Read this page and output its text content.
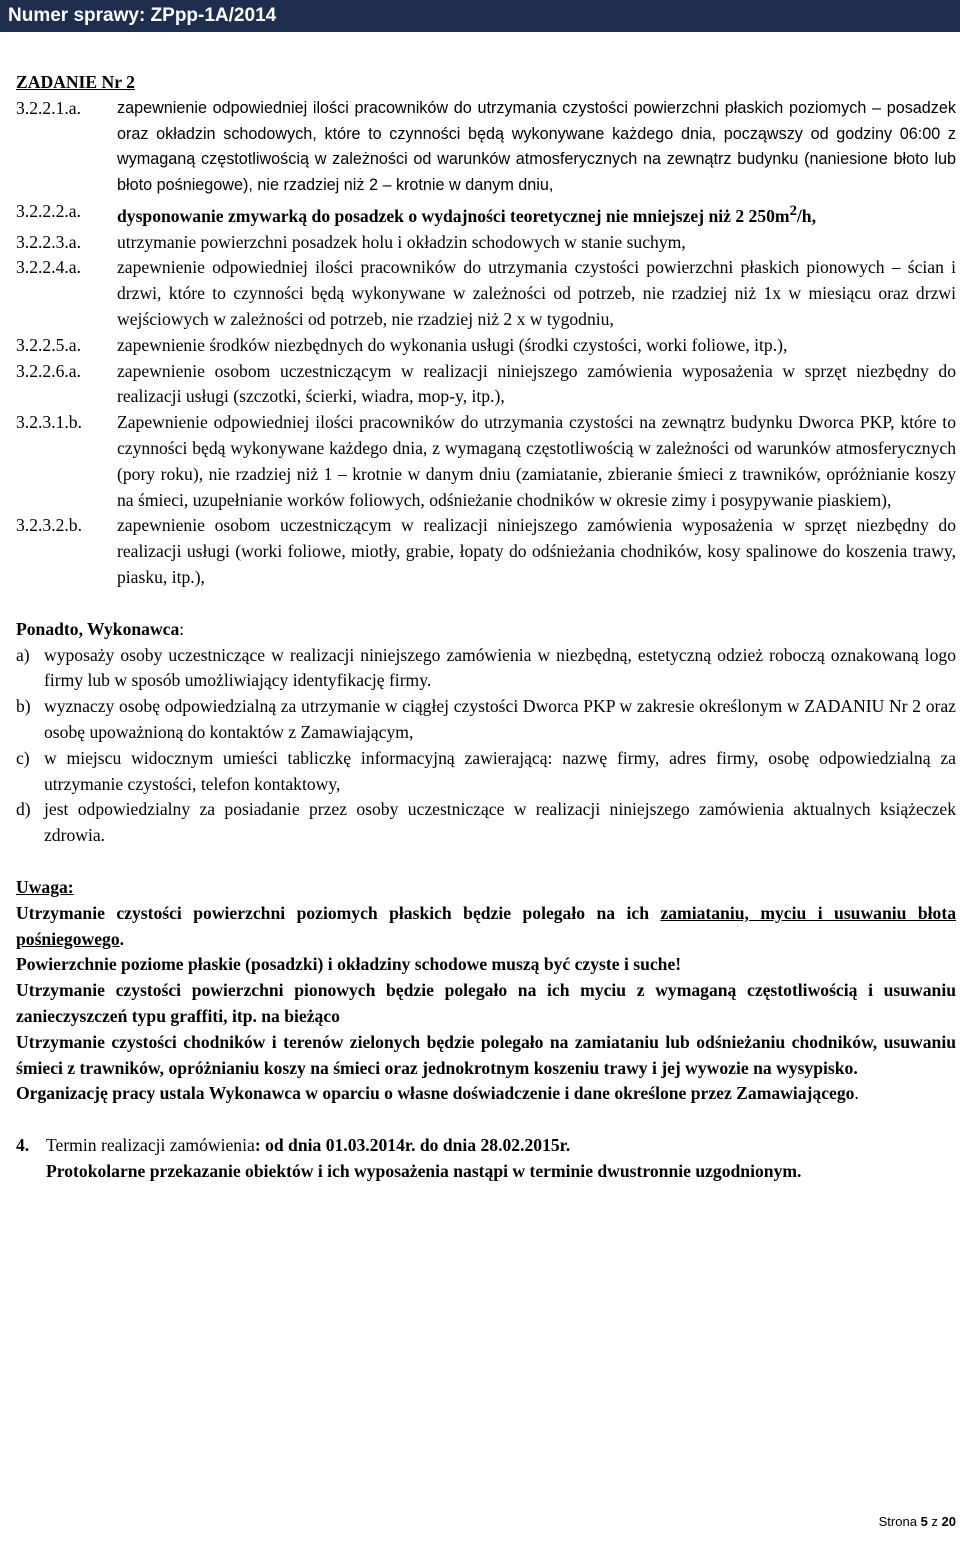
Numer sprawy: ZPpp-1A/2014
ZADANIE Nr 2
3.2.2.1.a.	zapewnienie odpowiedniej ilości pracowników do utrzymania czystości powierzchni płaskich poziomych – posadzek oraz okładzin schodowych, które to czynności będą wykonywane każdego dnia, począwszy od godziny 06:00 z wymaganą częstotliwością w zależności od warunków atmosferycznych na zewnątrz budynku (naniesione błoto lub błoto pośniegowe), nie rzadziej niż 2 – krotnie w danym dniu,
3.2.2.2.a.	dysponowanie zmywarką do posadzek o wydajności teoretycznej nie mniejszej niż 2 $250m^2/h$,
3.2.2.3.a.	utrzymanie powierzchni posadzek holu i okładzin schodowych w stanie suchym,
3.2.2.4.a.	zapewnienie odpowiedniej ilości pracowników do utrzymania czystości powierzchni płaskich pionowych – ścian i drzwi, które to czynności będą wykonywane w zależności od potrzeb, nie rzadziej niż 1x w miesiącu oraz drzwi wejściowych w zależności od potrzeb, nie rzadziej niż 2 x w tygodniu,
3.2.2.5.a.	zapewnienie środków niezbędnych do wykonania usługi (środki czystości, worki foliowe, itp.),
3.2.2.6.a.	zapewnienie osobom uczestniczącym w realizacji niniejszego zamówienia wyposażenia w sprzęt niezbędny do realizacji usługi (szczotki, ścierki, wiadra, mop-y, itp.),
3.2.3.1.b.	Zapewnienie odpowiedniej ilości pracowników do utrzymania czystości na zewnątrz budynku Dworca PKP, które to czynności będą wykonywane każdego dnia, z wymaganą częstotliwością w zależności od warunków atmosferycznych (pory roku), nie rzadziej niż 1 – krotnie w danym dniu (zamiatanie, zbieranie śmieci z trawników, opróżnianie koszy na śmieci, uzupełnianie worków foliowych, odśnieżanie chodników w okresie zimy i posypywanie piaskiem),
3.2.3.2.b.	zapewnienie osobom uczestniczącym w realizacji niniejszego zamówienia wyposażenia w sprzęt niezbędny do realizacji usługi (worki foliowe, miotły, grabie, łopaty do odśnieżania chodników, kosy spalinowe do koszenia trawy, piasku, itp.),
Ponadto, Wykonawca:
a) wyposaży osoby uczestniczące w realizacji niniejszego zamówienia w niezbędną, estetyczną odzież roboczą oznakowaną logo firmy lub w sposób umożliwiający identyfikację firmy.
b) wyznaczy osobę odpowiedzialną za utrzymanie w ciągłej czystości Dworca PKP w zakresie określonym w ZADANIU Nr 2 oraz osobę upoważnioną do kontaktów z Zamawiającym,
c) w miejscu widocznym umieści tabliczkę informacyjną zawierającą: nazwę firmy, adres firmy, osobę odpowiedzialną za utrzymanie czystości, telefon kontaktowy,
d) jest odpowiedzialny za posiadanie przez osoby uczestniczące w realizacji niniejszego zamówienia aktualnych książeczek zdrowia.
Uwaga:

Utrzymanie czystości powierzchni poziomych płaskich będzie polegało na ich zamiataniu, myciu i usuwaniu błota pośniegowego.

Powierzchnie poziome płaskie (posadzki) i okładziny schodowe muszą być czyste i suche!

Utrzymanie czystości powierzchni pionowych będzie polegało na ich myciu z wymaganą częstotliwością i usuwaniu zanieczyszczeń typu graffiti, itp. na bieżąco

Utrzymanie czystości chodników i terenów zielonych będzie polegało na zamiataniu lub odśnieżaniu chodników, usuwaniu śmieci z trawników, opróżnianiu koszy na śmieci oraz jednokrotnym koszeniu trawy i jej wywozie na wysypisko.

Organizację pracy ustala Wykonawca w oparciu o własne doświadczenie i dane określone przez Zamawiającego.

4. Termin realizacji zamówienia: od dnia 01.03.2014r. do dnia 28.02.2015r.
Protokolarne przekazanie obiektów i ich wyposażenia nastąpi w terminie dwustronnie uzgodnionym.
Strona 5 z 20
